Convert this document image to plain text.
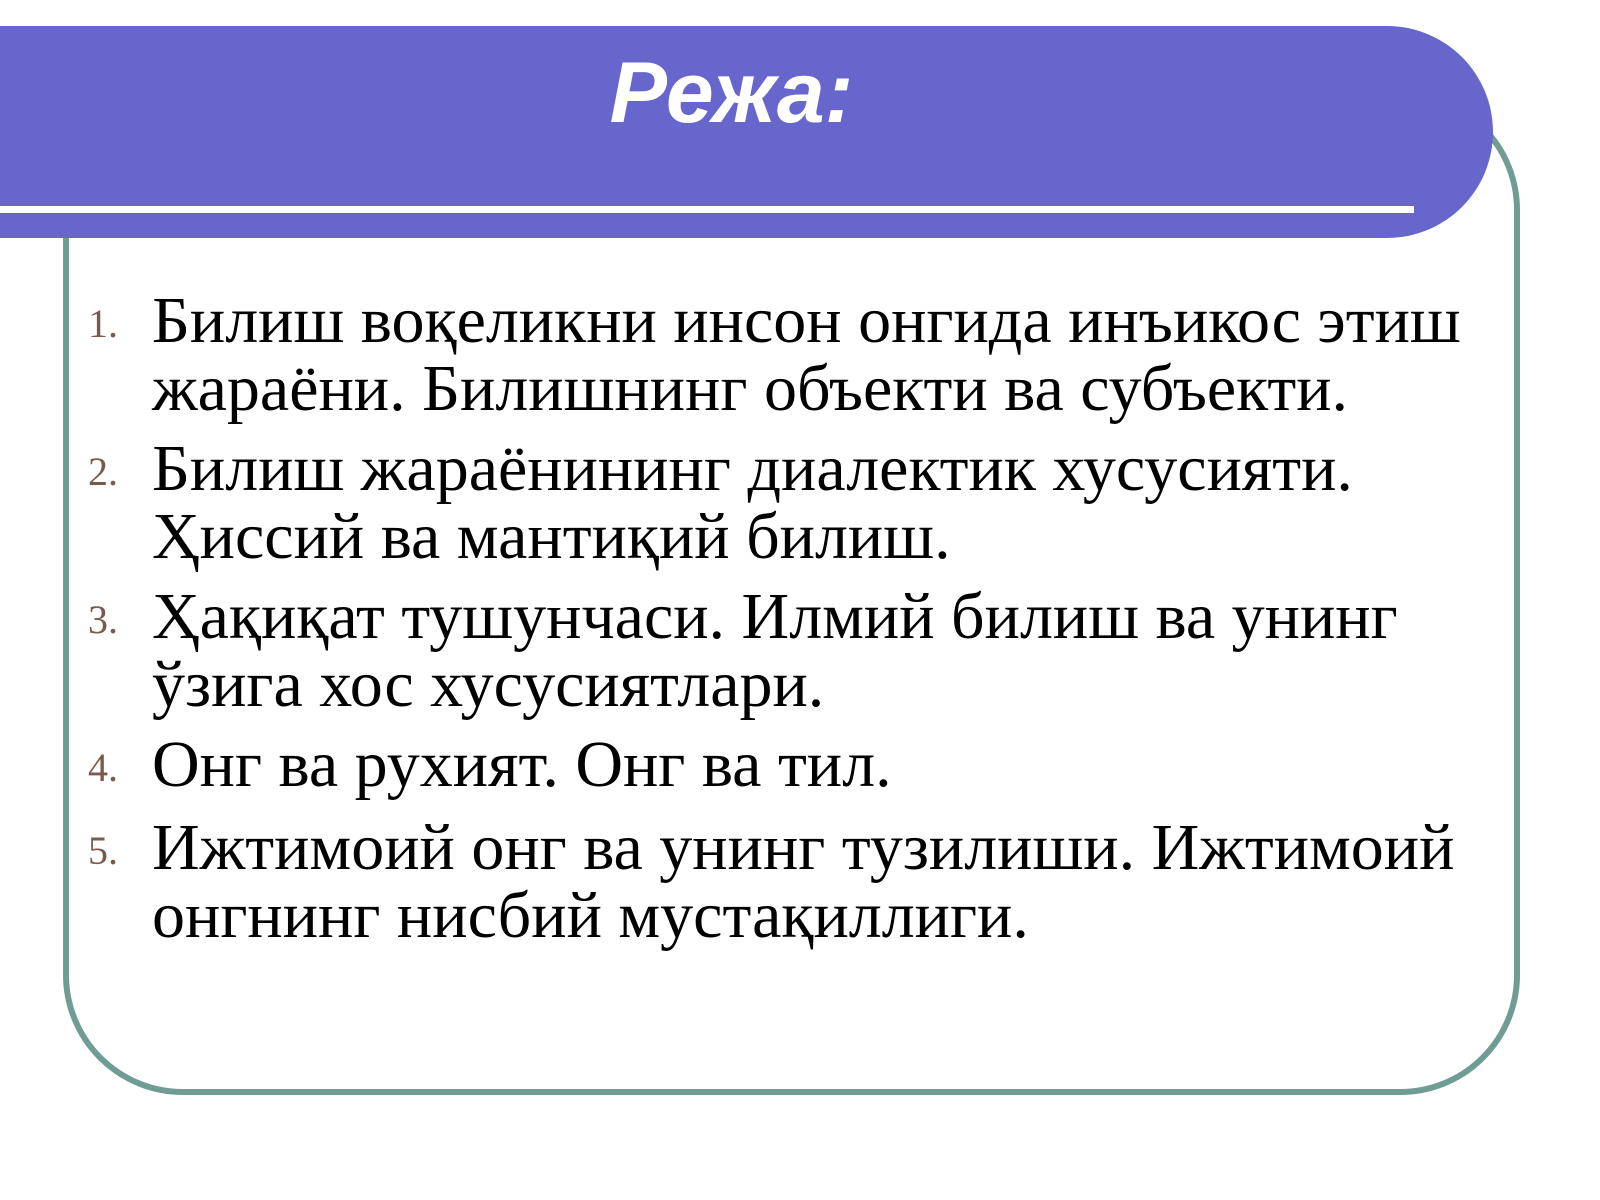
Режа:
1. Билиш воқеликни инсон онгида инъикос этиш жараёни. Билишнинг объекти ва субъекти.
2. Билиш жараёнининг диалектик хусусияти. Ҳиссий ва мантиқий билиш.
3. Ҳақиқат тушунчаси. Илмий билиш ва унинг ўзига хос хусусиятлари.
4. Онг ва рухият. Онг ва тил.
5. Ижтимоий онг ва унинг тузилиши. Ижтимоий онгнинг нисбий мустақиллиги.
